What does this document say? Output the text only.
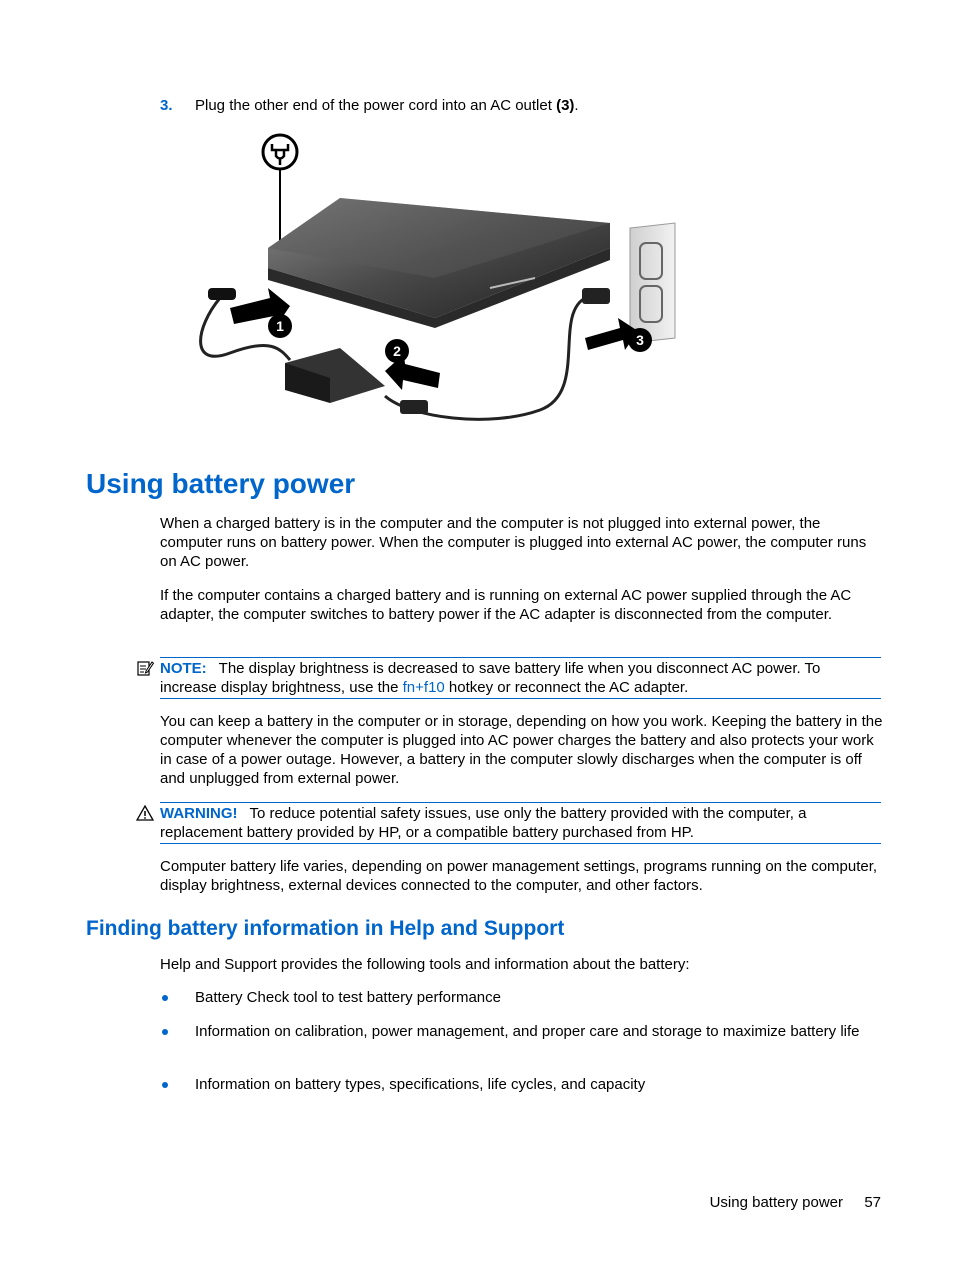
3. Plug the other end of the power cord into an AC outlet (3).
1
2
3
Using battery power

When a charged battery is in the computer and the computer is not plugged into external power, the computer runs on battery power. When the computer is plugged into external AC power, the computer runs on AC power.

If the computer contains a charged battery and is running on external AC power supplied through the AC adapter, the computer switches to battery power if the AC adapter is disconnected from the computer.

NOTE: The display brightness is decreased to save battery life when you disconnect AC power. To increase display brightness, use the fn+f10 hotkey or reconnect the AC adapter.

You can keep a battery in the computer or in storage, depending on how you work. Keeping the battery in the computer whenever the computer is plugged into AC power charges the battery and also protects your work in case of a power outage. However, a battery in the computer slowly discharges when the computer is off and unplugged from external power.

WARNING! To reduce potential safety issues, use only the battery provided with the computer, a replacement battery provided by HP, or a compatible battery purchased from HP.

Computer battery life varies, depending on power management settings, programs running on the computer, display brightness, external devices connected to the computer, and other factors.

Finding battery information in Help and Support

Help and Support provides the following tools and information about the battery:

Battery Check tool to test battery performance

Information on calibration, power management, and proper care and storage to maximize battery life

Information on battery types, specifications, life cycles, and capacity

Using battery power 57
